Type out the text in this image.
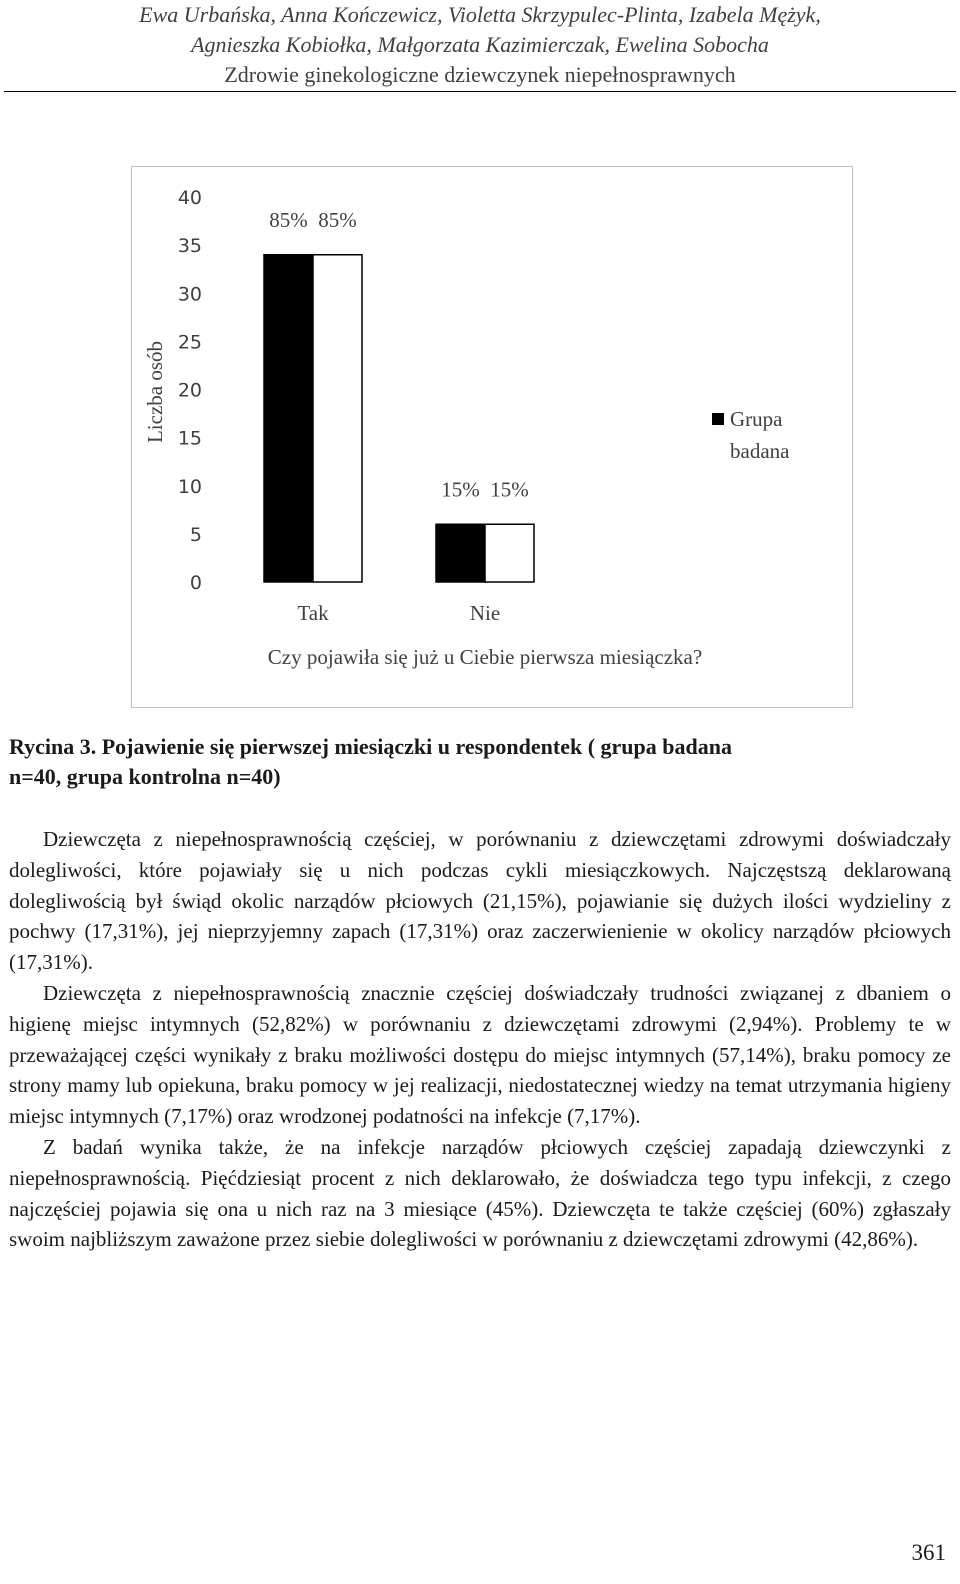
Ewa Urbańska, Anna Kończewicz, Violetta Skrzypulec-Plinta, Izabela Mężyk,
Agnieszka Kobiołka, Małgorzata Kazimierczak, Ewelina Sobocha
Zdrowie ginekologiczne dziewczynek niepełnosprawnych
0
5
10
15
20
25
30
35
40
Liczba osób
85% 85%
Tak
15% 15%
Nie
Czy pojawiła się już u Ciebie pierwsza miesiączka?
Grupa
badana
Rycina 3. Pojawienie się pierwszej miesiączki u respondentek ( grupa badana
n=40, grupa kontrolna n=40)

Dziewczęta z niepełnosprawnością częściej, w porównaniu z dziewczętami zdrowymi doświadczały dolegliwości, które pojawiały się u nich podczas cykli miesiączkowych. Najczęstszą deklarowaną dolegliwością był świąd okolic narządów płciowych (21,15%), pojawianie się dużych ilości wydzieliny z pochwy (17,31%), jej nieprzyjemny zapach (17,31%) oraz zaczerwienienie w okolicy narządów płciowych (17,31%).

Dziewczęta z niepełnosprawnością znacznie częściej doświadczały trudności związanej z dbaniem o higienę miejsc intymnych (52,82%) w porównaniu z dziewczętami zdrowymi (2,94%). Problemy te w przeważającej części wynikały z braku możliwości dostępu do miejsc intymnych (57,14%), braku pomocy ze strony mamy lub opiekuna, braku pomocy w jej realizacji, niedostatecznej wiedzy na temat utrzymania higieny miejsc intymnych (7,17%) oraz wrodzonej podatności na infekcje (7,17%).

Z badań wynika także, że na infekcje narządów płciowych częściej zapadają dziewczynki z niepełnosprawnością. Pięćdziesiąt procent z nich deklarowało, że doświadcza tego typu infekcji, z czego najczęściej pojawia się ona u nich raz na 3 miesiące (45%). Dziewczęta te także częściej (60%) zgłaszały swoim najbliższym zaważone przez siebie dolegliwości w porównaniu z dziewczętami zdrowymi (42,86%).

361
